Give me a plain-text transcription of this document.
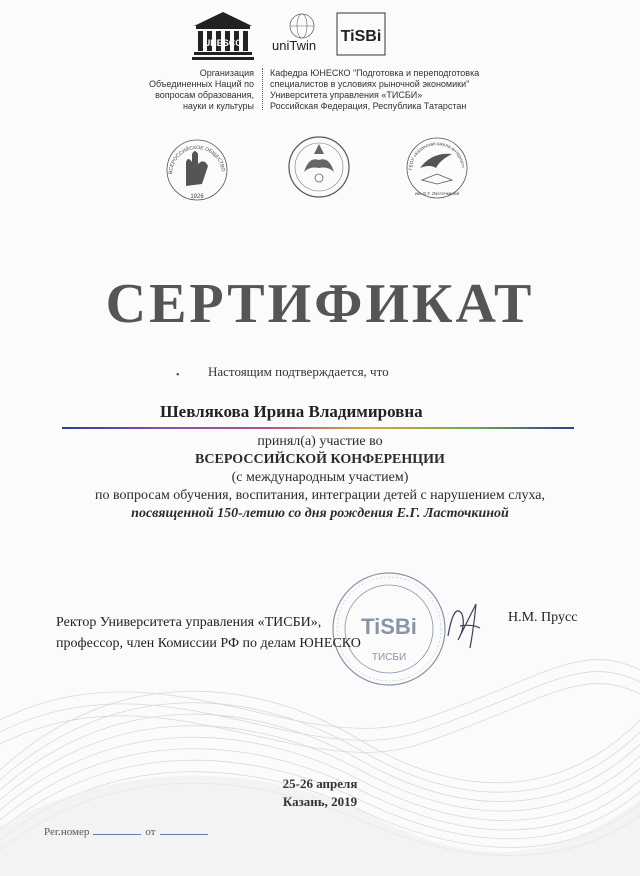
UNESCO uniTwin
TiSBi
Организация
Объединенных Наций по
вопросам образования,
науки и культуры
Кафедра ЮНЕСКО "Подготовка и переподготовка
специалистов в условиях рыночной экономики"
Университета управления «ТИСБИ»
Российская Федерация, Республика Татарстан
ВСЕРОССИЙСКОЕ ОБЩЕСТВО
1926
ГБОУ «Казанская школа-интернат»
им. Е.Г. Ласточкиной
СЕРТИФИКАТ
• Настоящим подтверждается, что
Шевлякова Ирина Владимировна
принял(а) участие во
ВСЕРОССИЙСКОЙ КОНФЕРЕНЦИИ
(с международным участием)
по вопросам обучения, воспитания, интеграции детей с нарушением слуха,
посвященной 150-летию со дня рождения Е.Г. Ласточкиной
TiSBi
ТИСБИ
Ректор Университета управления «ТИСБИ»,
профессор, член Комиссии РФ по делам ЮНЕСКО
Н.М. Прусс
25-26 апреля
Казань, 2019
Рег.номер	от
